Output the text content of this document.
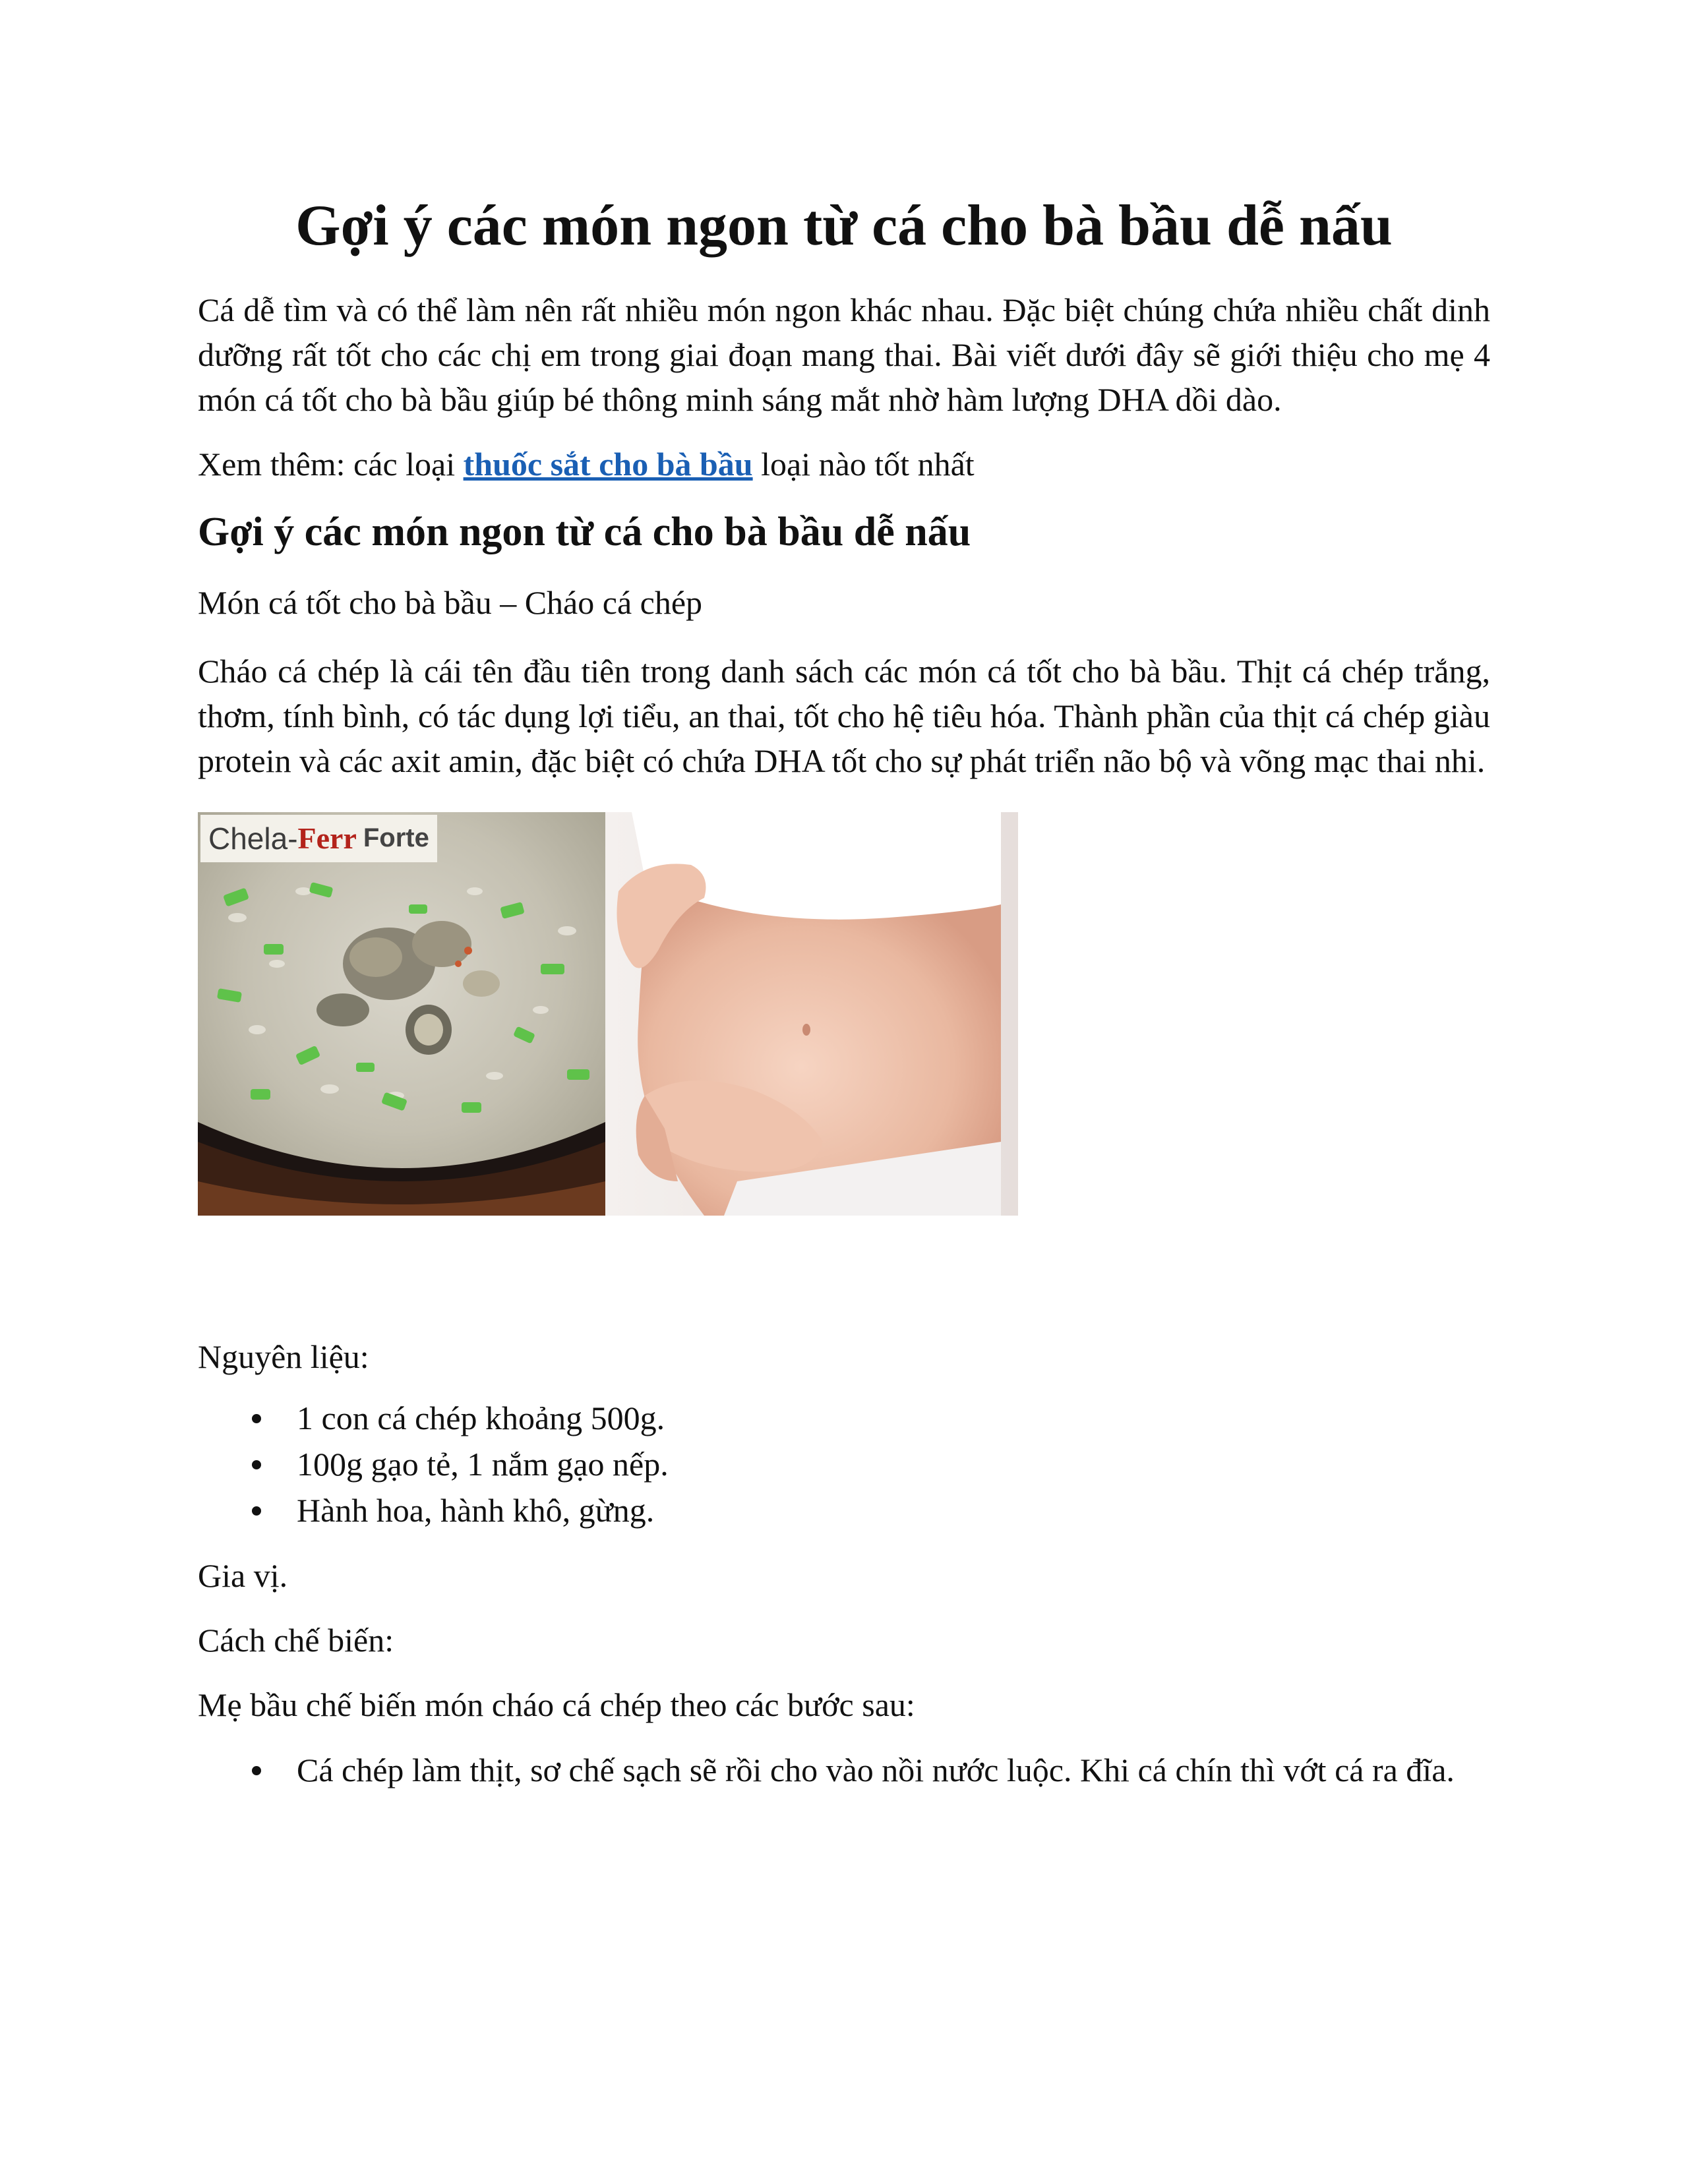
Gợi ý các món ngon từ cá cho bà bầu dễ nấu

Cá dễ tìm và có thể làm nên rất nhiều món ngon khác nhau. Đặc biệt chúng chứa nhiều chất dinh dưỡng rất tốt cho các chị em trong giai đoạn mang thai. Bài viết dưới đây sẽ giới thiệu cho mẹ 4 món cá tốt cho bà bầu giúp bé thông minh sáng mắt nhờ hàm lượng DHA dồi dào.

Xem thêm: các loại thuốc sắt cho bà bầu loại nào tốt nhất

Gợi ý các món ngon từ cá cho bà bầu dễ nấu

Món cá tốt cho bà bầu – Cháo cá chép

Cháo cá chép là cái tên đầu tiên trong danh sách các món cá tốt cho bà bầu. Thịt cá chép trắng, thơm, tính bình, có tác dụng lợi tiểu, an thai, tốt cho hệ tiêu hóa. Thành phần của thịt cá chép giàu protein và các axit amin, đặc biệt có chứa DHA tốt cho sự phát triển não bộ và võng mạc thai nhi.

Chela- Ferr Forte

Nguyên liệu:

1 con cá chép khoảng 500g.
100g gạo tẻ, 1 nắm gạo nếp.
Hành hoa, hành khô, gừng.

Gia vị.

Cách chế biến:

Mẹ bầu chế biến món cháo cá chép theo các bước sau:

Cá chép làm thịt, sơ chế sạch sẽ rồi cho vào nồi nước luộc. Khi cá chín thì vớt cá ra đĩa.
